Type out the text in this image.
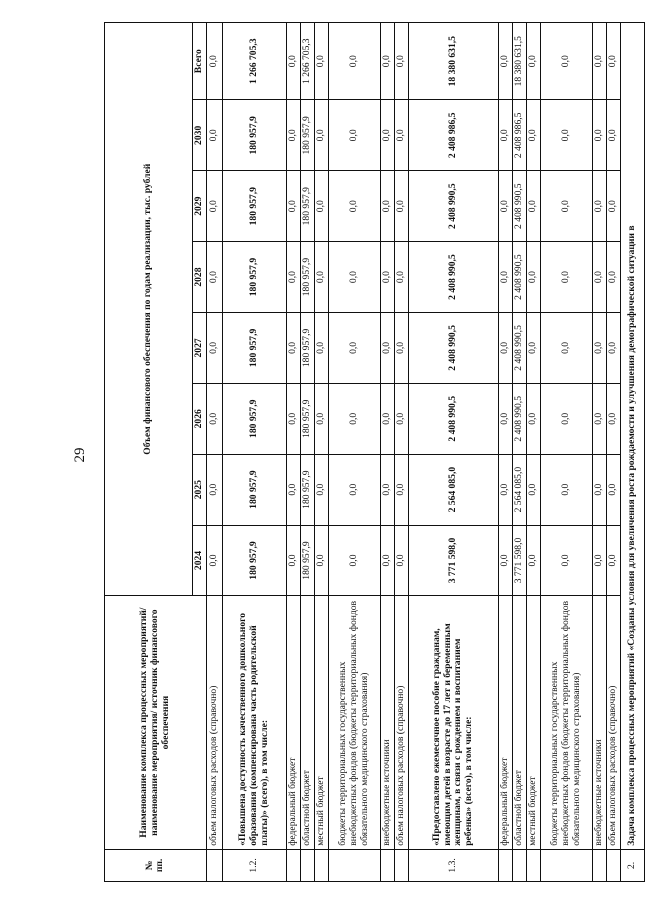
29
№ пп.	Наименование комплекса процессных мероприятий/наименование мероприятия/ источник финансового обеспечения	Объем финансового обеспечения по годам реализации, тыс. рублей							
		2024	2025	2026	2027	2028	2029	2030	Всего
	объем налоговых расходов (справочно)	0,0	0,0	0,0	0,0	0,0	0,0	0,0	0,0
1.2.	«Повышена доступность качественного дошкольного образования (компенсирована часть родительской платы)» (всего), в том числе:	180 957,9	180 957,9	180 957,9	180 957,9	180 957,9	180 957,9	180 957,9	1 266 705,3
	федеральный бюджет	0,0	0,0	0,0	0,0	0,0	0,0	0,0	0,0
	областной бюджет	180 957,9	180 957,9	180 957,9	180 957,9	180 957,9	180 957,9	180 957,9	1 266 705,3
	местный бюджет	0,0	0,0	0,0	0,0	0,0	0,0	0,0	0,0
	бюджеты территориальных государственных внебюджетных фондов (бюджеты территориальных фондов обязательного медицинского страхования)	0,0	0,0	0,0	0,0	0,0	0,0	0,0	0,0
	внебюджетные источники	0,0	0,0	0,0	0,0	0,0	0,0	0,0	0,0
	объем налоговых расходов (справочно)	0,0	0,0	0,0	0,0	0,0	0,0	0,0	0,0
1.3.	«Предоставлено ежемесячное пособие гражданам, имеющим детей в возрасте до 17 лет и беременным женщинам, в связи с рождением и воспитанием ребенка» (всего), в том числе:	3 771 598,0	2 564 085,0	2 408 990,5	2 408 990,5	2 408 990,5	2 408 990,5	2 408 986,5	18 380 631,5
	федеральный бюджет	0,0	0,0	0,0	0,0	0,0	0,0	0,0	0,0
	областной бюджет	3 771 598,0	2 564 085,0	2 408 990,5	2 408 990,5	2 408 990,5	2 408 990,5	2 408 986,5	18 380 631,5
	местный бюджет	0,0	0,0	0,0	0,0	0,0	0,0	0,0	0,0
	бюджеты территориальных государственных внебюджетных фондов (бюджеты территориальных фондов обязательного медицинского страхования)	0,0	0,0	0,0	0,0	0,0	0,0	0,0	0,0
	внебюджетные источники	0,0	0,0	0,0	0,0	0,0	0,0	0,0	0,0
	объем налоговых расходов (справочно)	0,0	0,0	0,0	0,0	0,0	0,0	0,0	0,0
2.	Задача комплекса процессных мероприятий «Созданы условия для увеличения роста рождаемости и улучшения демографической ситуации в								
